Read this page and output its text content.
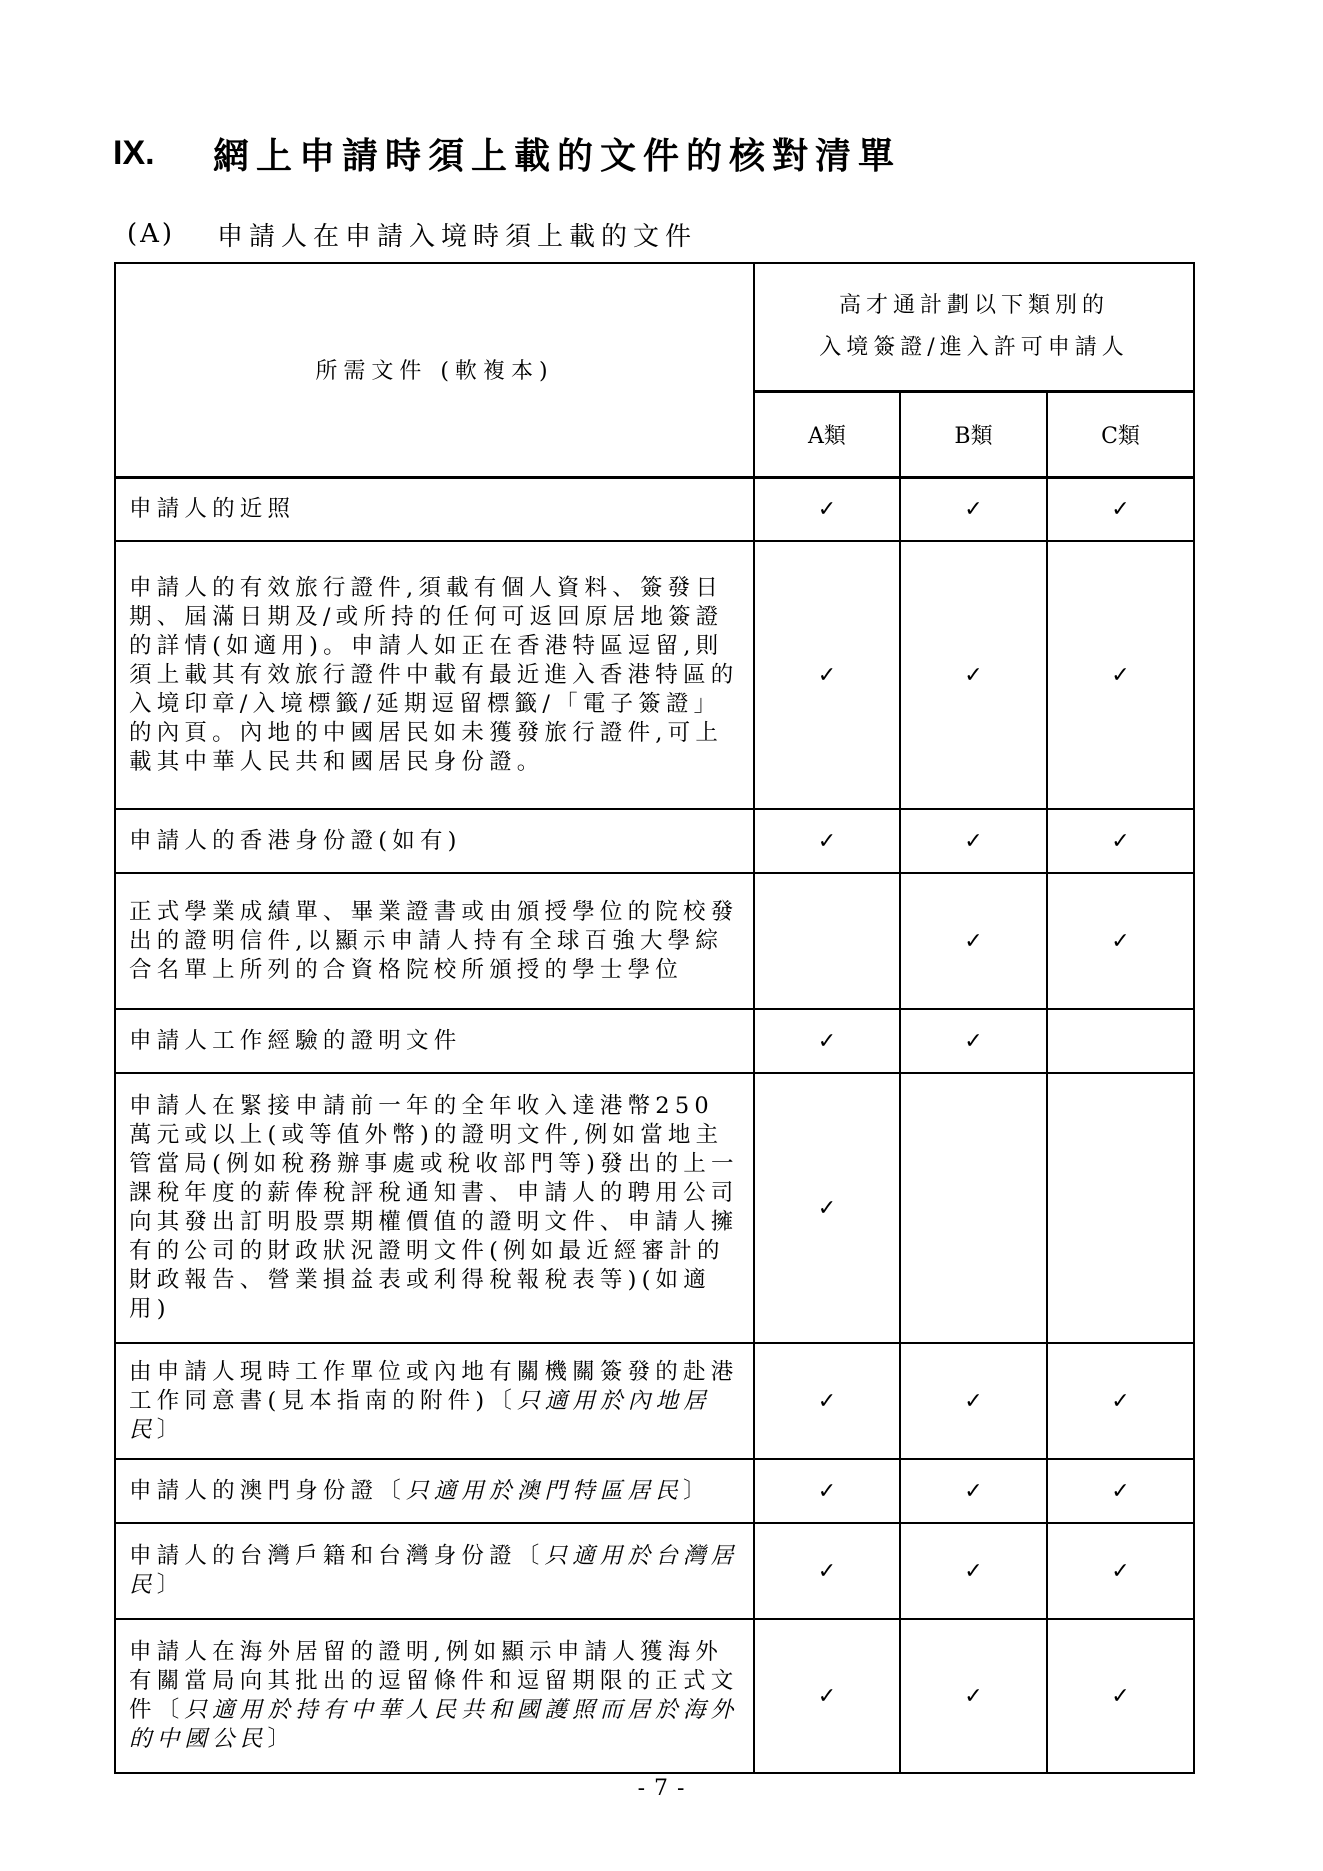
IX.	網上申請時須上載的文件的核對清單
(A)	申請人在申請入境時須上載的文件
所需文件 (軟複本)	高才通計劃以下類別的
入境簽證/進入許可申請人		

	A類	B類	C類
申請人的近照	✓	✓	✓
申請人的有效旅行證件,須載有個人資料、簽發日期、屆滿日期及/或所持的任何可返回原居地簽證的詳情(如適用)。申請人如正在香港特區逗留,則須上載其有效旅行證件中載有最近進入香港特區的入境印章/入境標籤/延期逗留標籤/「電子簽證」的內頁。內地的中國居民如未獲發旅行證件,可上載其中華人民共和國居民身份證。	✓	✓	✓
申請人的香港身份證(如有)	✓	✓	✓
正式學業成績單、畢業證書或由頒授學位的院校發出的證明信件,以顯示申請人持有全球百強大學綜合名單上所列的合資格院校所頒授的學士學位		✓	✓
申請人工作經驗的證明文件	✓	✓	
申請人在緊接申請前一年的全年收入達港幣250萬元或以上(或等值外幣)的證明文件,例如當地主管當局(例如稅務辦事處或稅收部門等)發出的上一課稅年度的薪俸稅評稅通知書、申請人的聘用公司向其發出訂明股票期權價值的證明文件、申請人擁有的公司的財政狀況證明文件(例如最近經審計的財政報告、營業損益表或利得稅報稅表等)(如適用)	✓		
由申請人現時工作單位或內地有關機關簽發的赴港工作同意書(見本指南的附件)〔只適用於內地居民〕	✓	✓	✓
申請人的澳門身份證〔只適用於澳門特區居民〕	✓	✓	✓
申請人的台灣戶籍和台灣身份證〔只適用於台灣居民〕	✓	✓	✓
申請人在海外居留的證明,例如顯示申請人獲海外有關當局向其批出的逗留條件和逗留期限的正式文件〔只適用於持有中華人民共和國護照而居於海外的中國公民〕	✓	✓	✓
- 7 -
